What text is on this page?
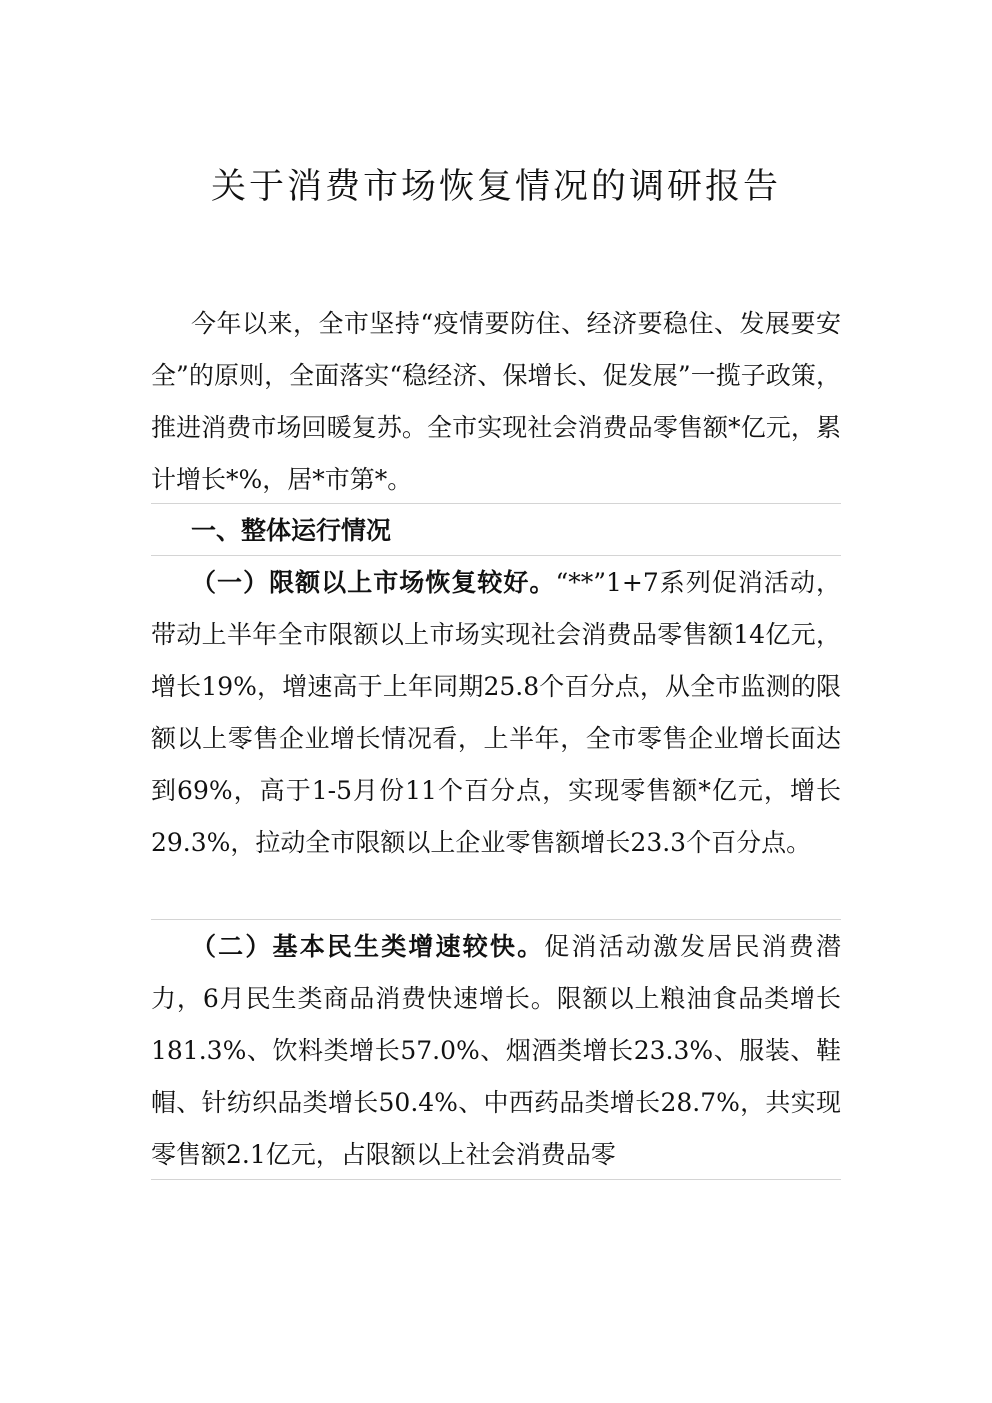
关于消费市场恢复情况的调研报告

今年以来，全市坚持“疫情要防住、经济要稳住、发展要安全”的原则，全面落实“稳经济、保增长、促发展”一揽子政策，推进消费市场回暖复苏。全市实现社会消费品零售额*亿元，累计增长*%，居*市第*。

一、整体运行情况

（一）限额以上市场恢复较好。“**”1+7系列促消活动，带动上半年全市限额以上市场实现社会消费品零售额14亿元，增长19%，增速高于上年同期25.8个百分点，从全市监测的限额以上零售企业增长情况看，上半年，全市零售企业增长面达到69%，高于1-5月份11个百分点，实现零售额*亿元，增长29.3%，拉动全市限额以上企业零售额增长23.3个百分点。

（二）基本民生类增速较快。促消活动激发居民消费潜力，6月民生类商品消费快速增长。限额以上粮油食品类增长181.3%、饮料类增长57.0%、烟酒类增长23.3%、服装、鞋帽、针纺织品类增长50.4%、中西药品类增长28.7%，共实现零售额2.1亿元，占限额以上社会消费品零
